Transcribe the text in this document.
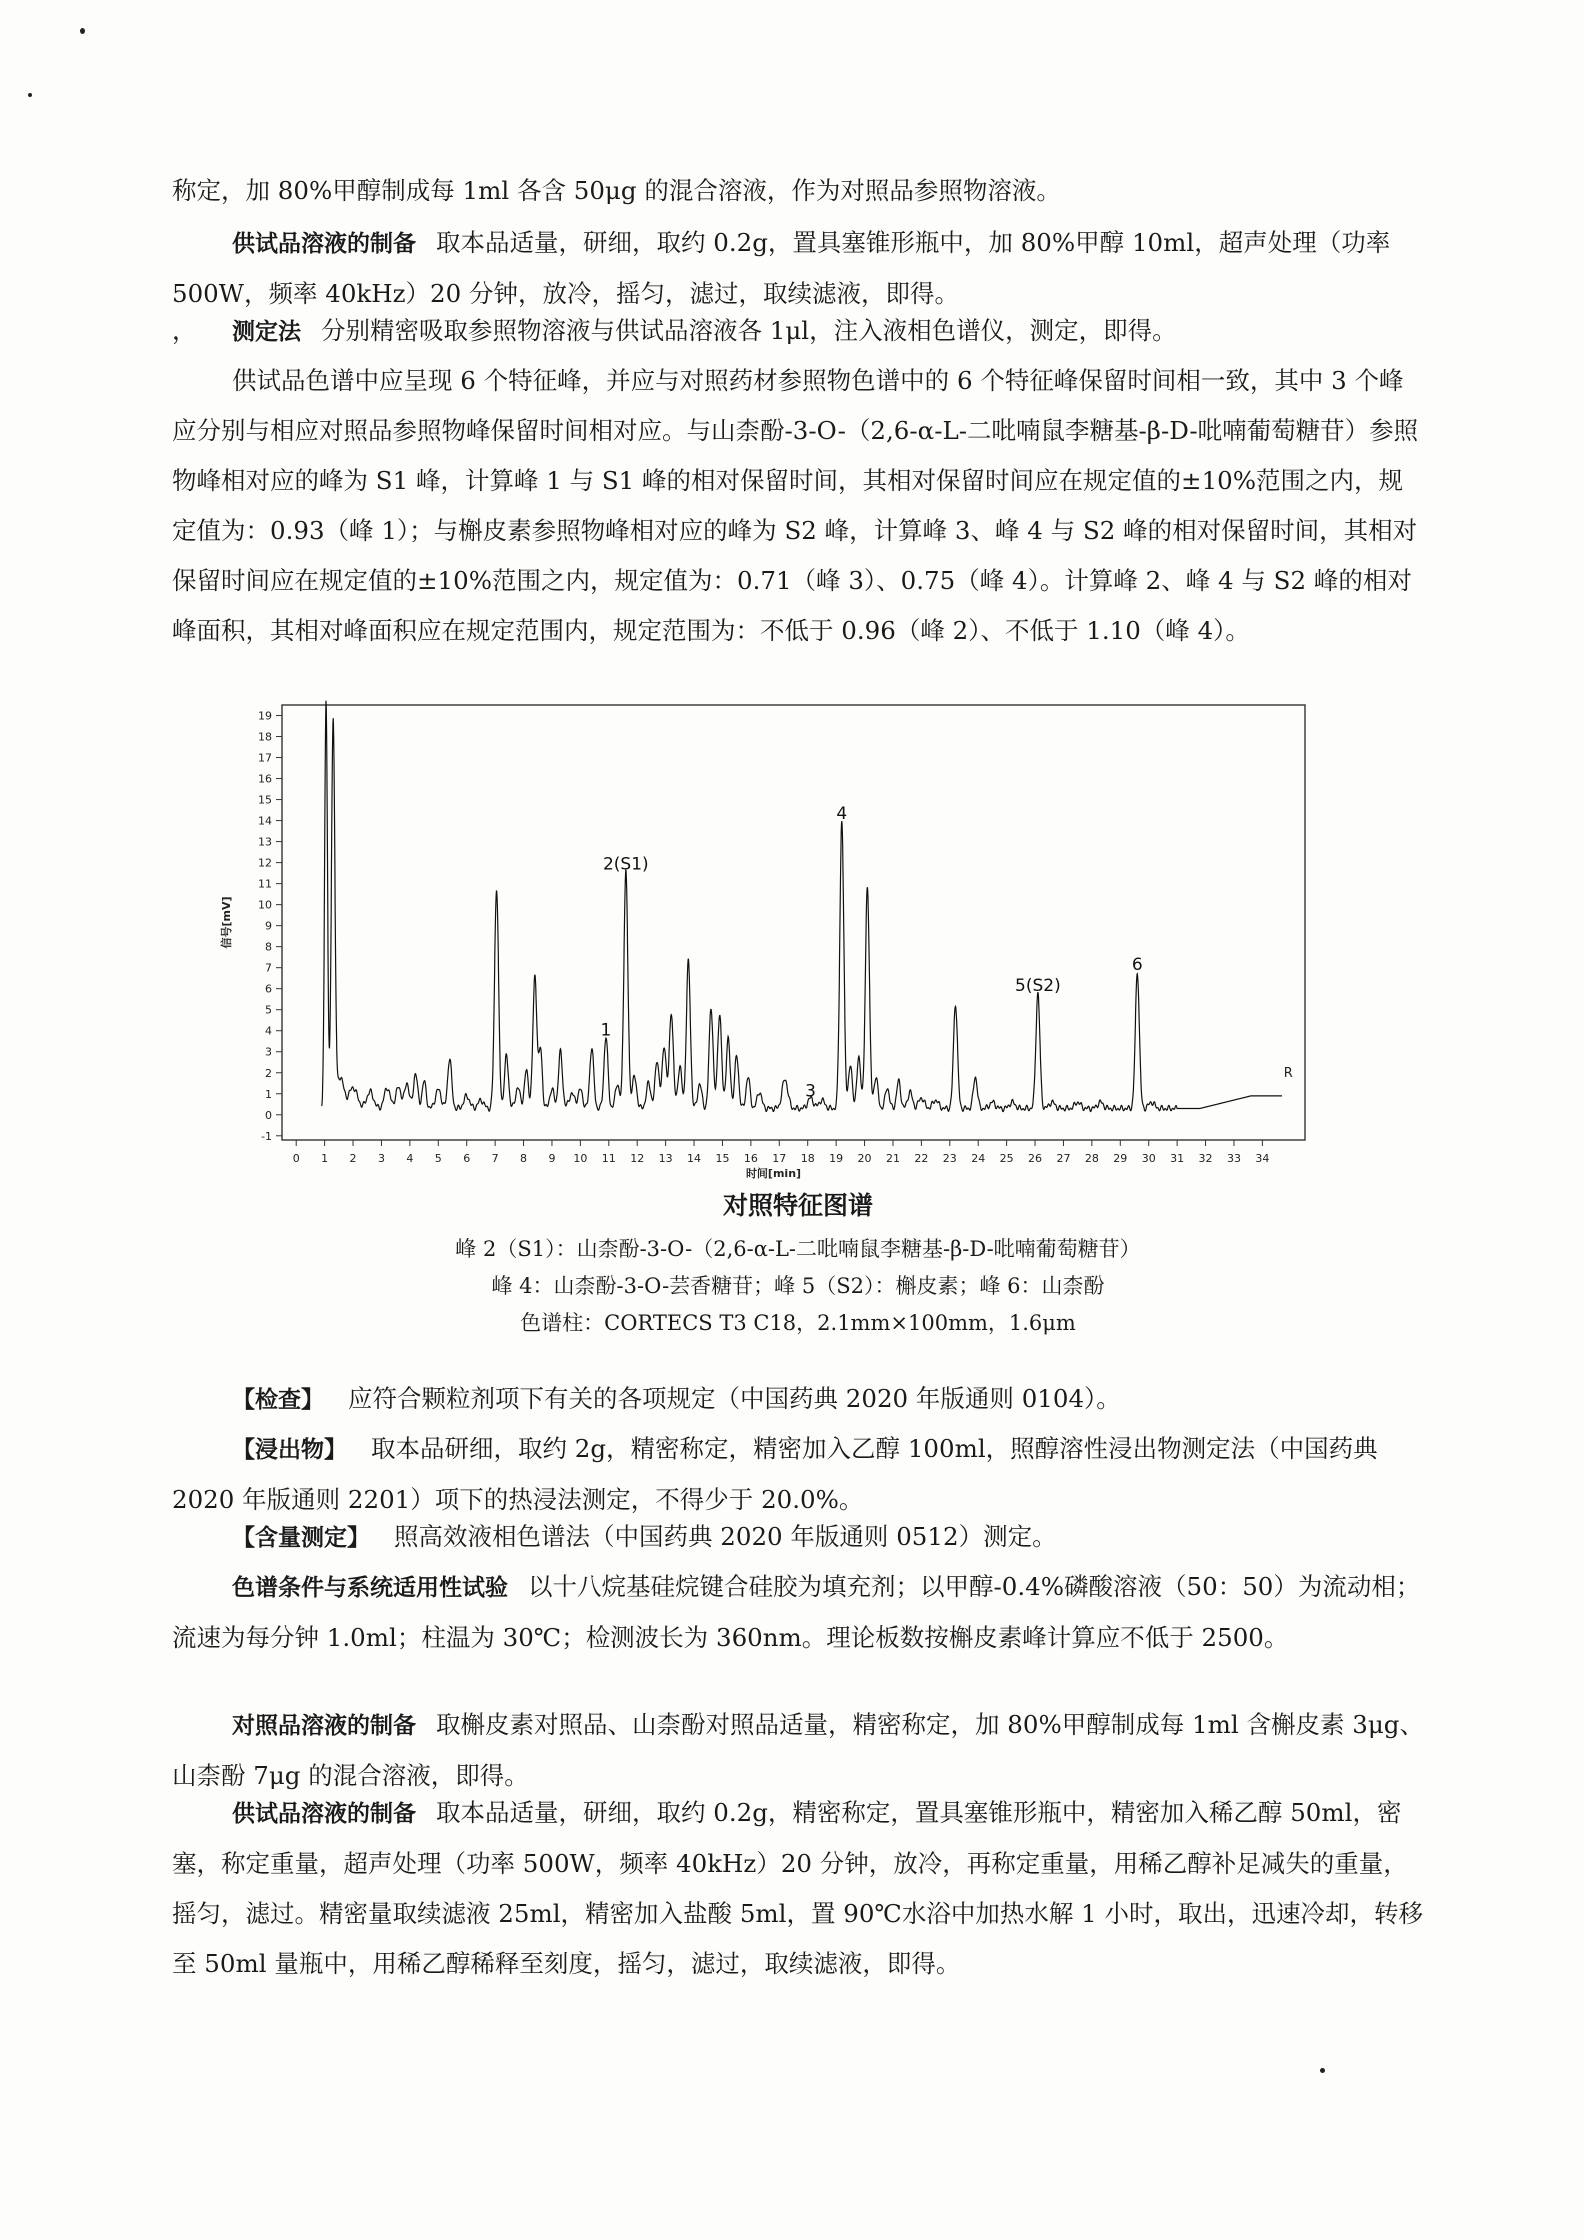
称定，加 80%甲醇制成每 1ml 各含 50μg 的混合溶液，作为对照品参照物溶液。

供试品溶液的制备 取本品适量，研细，取约 0.2g，置具塞锥形瓶中，加 80%甲醇 10ml，超声处理（功率 500W，频率 40kHz）20 分钟，放冷，摇匀，滤过，取续滤液，即得。

， 测定法 分别精密吸取参照物溶液与供试品溶液各 1μl，注入液相色谱仪，测定，即得。

供试品色谱中应呈现 6 个特征峰，并应与对照药材参照物色谱中的 6 个特征峰保留时间相一致，其中 3 个峰应分别与相应对照品参照物峰保留时间相对应。与山柰酚-3-O-（2,6-α-L-二吡喃鼠李糖基-β-D-吡喃葡萄糖苷）参照物峰相对应的峰为 S1 峰，计算峰 1 与 S1 峰的相对保留时间，其相对保留时间应在规定值的±10%范围之内，规定值为：0.93（峰 1）；与槲皮素参照物峰相对应的峰为 S2 峰，计算峰 3、峰 4 与 S2 峰的相对保留时间，其相对保留时间应在规定值的±10%范围之内，规定值为：0.71（峰 3）、0.75（峰 4）。计算峰 2、峰 4 与 S2 峰的相对峰面积，其相对峰面积应在规定范围内，规定范围为：不低于 0.96（峰 2）、不低于 1.10（峰 4）。

-1
0
1
2
3
4
5
6
7
8
9
10
11
12
13
14
15
16
17
18
19
0 1 2 3 4 5 6 7 8 9 10 11 12 13 14 15 16 17 18 19 20 21 22 23 24 25 26 27 28 29 30 31 32 33 34
时间[min]
信号[mV]
R
1
2(S1)
3
4
5(S2)
6

对照特征图谱

峰 2（S1）：山柰酚-3-O-（2,6-α-L-二吡喃鼠李糖基-β-D-吡喃葡萄糖苷）

峰 4：山柰酚-3-O-芸香糖苷；峰 5（S2）：槲皮素；峰 6：山柰酚

色谱柱：CORTECS T3 C18，2.1mm×100mm，1.6μm

【检查】 应符合颗粒剂项下有关的各项规定（中国药典 2020 年版通则 0104）。

【浸出物】 取本品研细，取约 2g，精密称定，精密加入乙醇 100ml，照醇溶性浸出物测定法（中国药典 2020 年版通则 2201）项下的热浸法测定，不得少于 20.0%。

【含量测定】 照高效液相色谱法（中国药典 2020 年版通则 0512）测定。

色谱条件与系统适用性试验 以十八烷基硅烷键合硅胶为填充剂；以甲醇-0.4%磷酸溶液（50：50）为流动相；流速为每分钟 1.0ml；柱温为 30℃；检测波长为 360nm。理论板数按槲皮素峰计算应不低于 2500。

对照品溶液的制备 取槲皮素对照品、山柰酚对照品适量，精密称定，加 80%甲醇制成每 1ml 含槲皮素 3μg、山柰酚 7μg 的混合溶液，即得。

供试品溶液的制备 取本品适量，研细，取约 0.2g，精密称定，置具塞锥形瓶中，精密加入稀乙醇 50ml，密塞，称定重量，超声处理（功率 500W，频率 40kHz）20 分钟，放冷，再称定重量，用稀乙醇补足减失的重量，摇匀，滤过。精密量取续滤液 25ml，精密加入盐酸 5ml，置 90℃水浴中加热水解 1 小时，取出，迅速冷却，转移至 50ml 量瓶中，用稀乙醇稀释至刻度，摇匀，滤过，取续滤液，即得。
